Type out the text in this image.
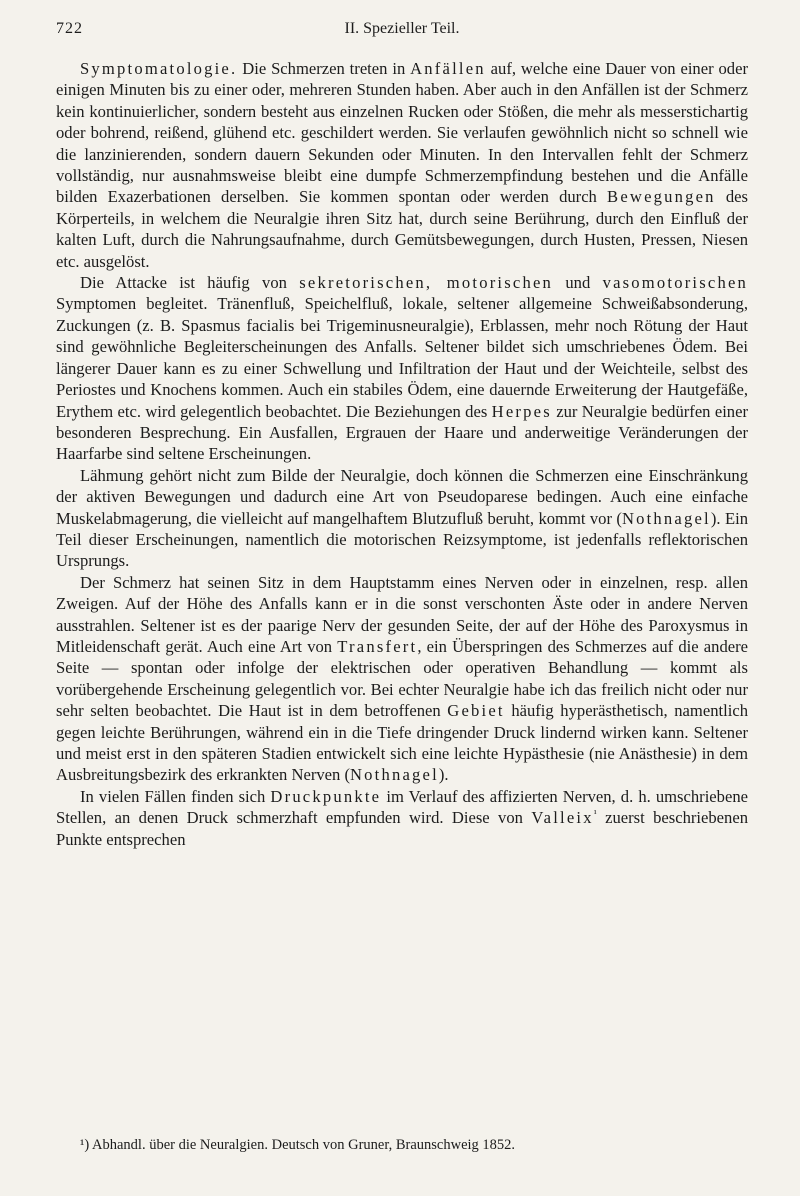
722	II. Spezieller Teil.

Symptomatologie. Die Schmerzen treten in Anfällen auf, welche eine Dauer von einer oder einigen Minuten bis zu einer oder, mehreren Stunden haben. Aber auch in den Anfällen ist der Schmerz kein kontinuierlicher, sondern besteht aus einzelnen Rucken oder Stößen, die mehr als messerstichartig oder bohrend, reißend, glühend etc. geschildert werden. Sie verlaufen gewöhnlich nicht so schnell wie die lanzinierenden, sondern dauern Sekunden oder Minuten. In den Intervallen fehlt der Schmerz vollständig, nur ausnahmsweise bleibt eine dumpfe Schmerzempfindung bestehen und die Anfälle bilden Exazerbationen derselben. Sie kommen spontan oder werden durch Bewegungen des Körperteils, in welchem die Neuralgie ihren Sitz hat, durch seine Berührung, durch den Einfluß der kalten Luft, durch die Nahrungsaufnahme, durch Gemütsbewegungen, durch Husten, Pressen, Niesen etc. ausgelöst.

Die Attacke ist häufig von sekretorischen, motorischen und vasomotorischen Symptomen begleitet. Tränenfluß, Speichelfluß, lokale, seltener allgemeine Schweißabsonderung, Zuckungen (z. B. Spasmus facialis bei Trigeminusneuralgie), Erblassen, mehr noch Rötung der Haut sind gewöhnliche Begleiterscheinungen des Anfalls. Seltener bildet sich umschriebenes Ödem. Bei längerer Dauer kann es zu einer Schwellung und Infiltration der Haut und der Weichteile, selbst des Periostes und Knochens kommen. Auch ein stabiles Ödem, eine dauernde Erweiterung der Hautgefäße, Erythem etc. wird gelegentlich beobachtet. Die Beziehungen des Herpes zur Neuralgie bedürfen einer besonderen Besprechung. Ein Ausfallen, Ergrauen der Haare und anderweitige Veränderungen der Haarfarbe sind seltene Erscheinungen.

Lähmung gehört nicht zum Bilde der Neuralgie, doch können die Schmerzen eine Einschränkung der aktiven Bewegungen und dadurch eine Art von Pseudoparese bedingen. Auch eine einfache Muskelabmagerung, die vielleicht auf mangelhaftem Blutzufluß beruht, kommt vor (Nothnagel). Ein Teil dieser Erscheinungen, namentlich die motorischen Reizsymptome, ist jedenfalls reflektorischen Ursprungs.

Der Schmerz hat seinen Sitz in dem Hauptstamm eines Nerven oder in einzelnen, resp. allen Zweigen. Auf der Höhe des Anfalls kann er in die sonst verschonten Äste oder in andere Nerven ausstrahlen. Seltener ist es der paarige Nerv der gesunden Seite, der auf der Höhe des Paroxysmus in Mitleidenschaft gerät. Auch eine Art von Transfert, ein Überspringen des Schmerzes auf die andere Seite — spontan oder infolge der elektrischen oder operativen Behandlung — kommt als vorübergehende Erscheinung gelegentlich vor. Bei echter Neuralgie habe ich das freilich nicht oder nur sehr selten beobachtet. Die Haut ist in dem betroffenen Gebiet häufig hyperästhetisch, namentlich gegen leichte Berührungen, während ein in die Tiefe dringender Druck lindernd wirken kann. Seltener und meist erst in den späteren Stadien entwickelt sich eine leichte Hypästhesie (nie Anästhesie) in dem Ausbreitungsbezirk des erkrankten Nerven (Nothnagel).

In vielen Fällen finden sich Druckpunkte im Verlauf des affizierten Nerven, d. h. umschriebene Stellen, an denen Druck schmerzhaft empfunden wird. Diese von Valleix$^{^1}$ zuerst beschriebenen Punkte entsprechen

¹) Abhandl. über die Neuralgien. Deutsch von Gruner, Braunschweig 1852.
